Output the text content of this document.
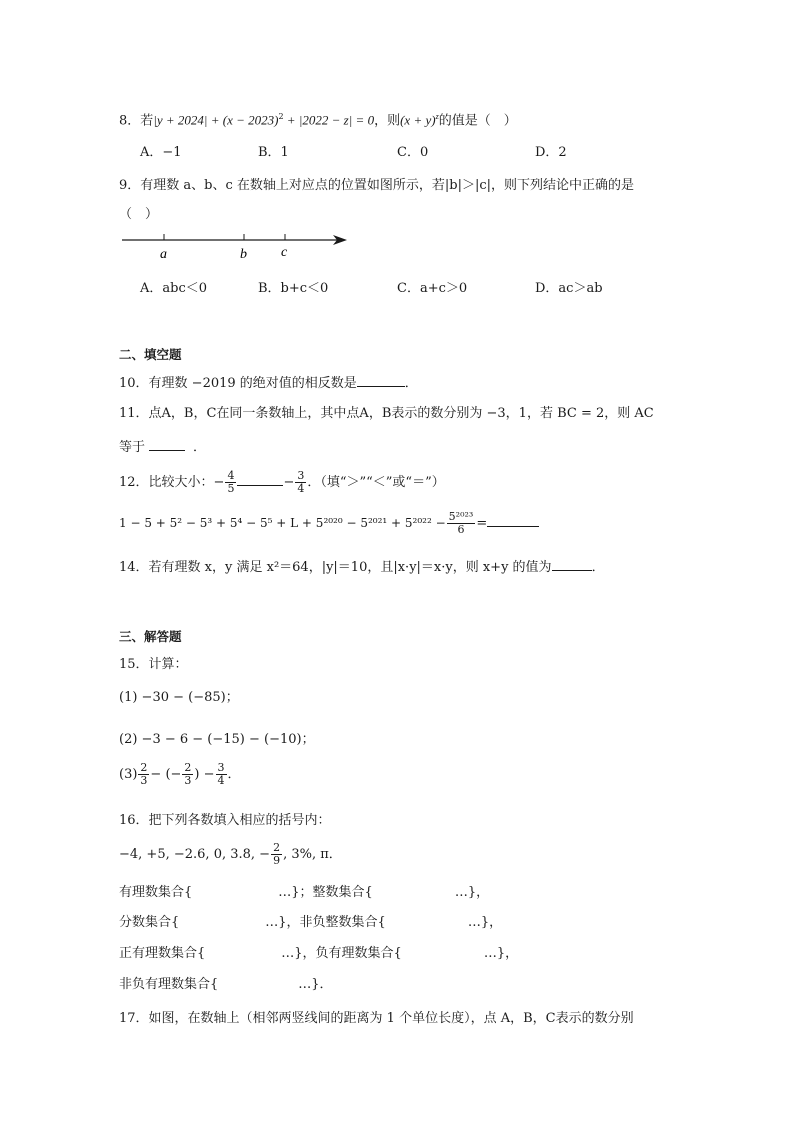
8．若$|y + 2024| + (x - 2023)^2 + |2022 - z| = 0$，则$(x + y)^z$的值是（　）
A．−1	B．1	C．0	D．2
9．有理数 a、b、c 在数轴上对应点的位置如图所示，若|b|＞|c|，则下列结论中正确的是
（　）
a	b c
A．abc＜0	B．b+c＜0	C．a+c＞0	D．ac＞ab
二、填空题
10．有理数 −2019 的绝对值的相反数是	．
11．点A，B，C在同一条数轴上，其中点A，B表示的数分别为 −3，1，若 BC = 2，则 AC
等于	．
12．比较大小：− $\frac{4}{5}$	− $\frac{3}{4}$ ．（填“＞”“＜”或“＝”）
$1 - 5 + 5^2 - 5^3 + 5^4 - 5^5 + L + 5^{2020} - 5^{2021} + 5^{2022} - \frac{\text{5²⁰²³}}{6}$ =
14．若有理数 x，y 满足 x²＝64，|y|＝10，且|x·y|＝x·y，则 x+y 的值为	．
三、解答题
15．计算：
(1) −30 − (−85)；
(2) −3 − 6 − (−15) − (−10)；
$(3) \frac{2}{3}$ − (− $\frac{2}{3}$ ) − $\frac{3}{4}$ ．
16．把下列各数填入相应的括号内：
−4, +5, −2.6, 0, 3.8, − $\frac{2}{9}$ , 3%, π．
有理数集合{	…}；整数集合{	…}，
分数集合{	…}，非负整数集合{	…}，
正有理数集合{	…}，负有理数集合{	…}，
非负有理数集合{	…}．
17．如图，在数轴上（相邻两竖线间的距离为 1 个单位长度），点 A，B，C表示的数分别
